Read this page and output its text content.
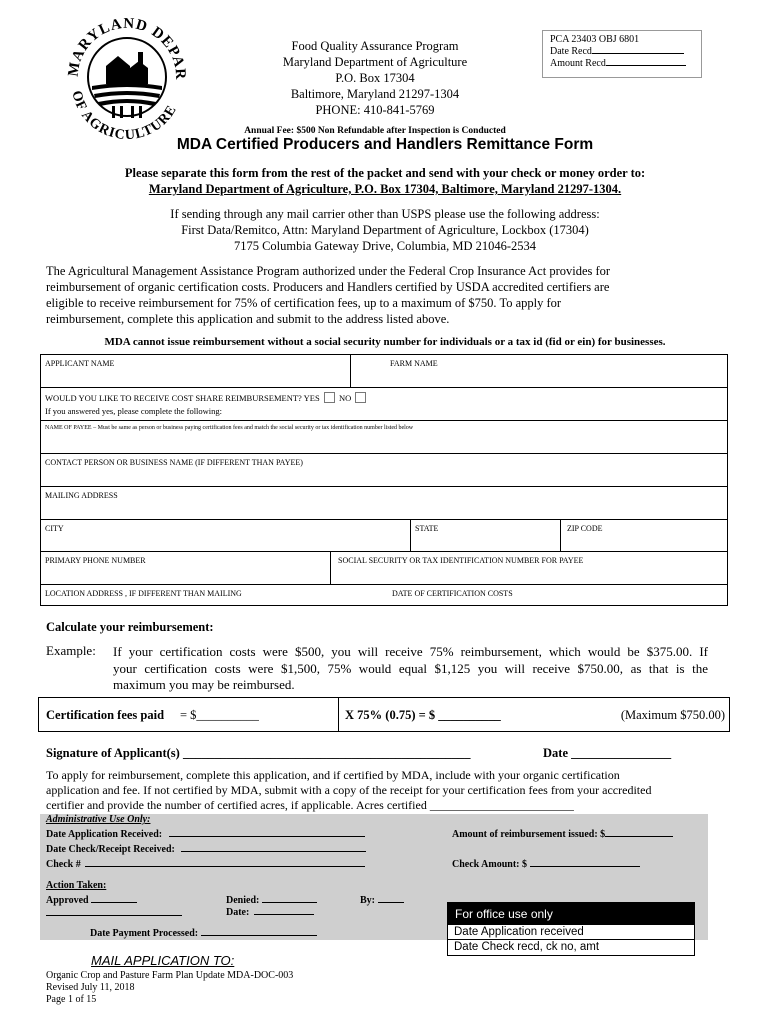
MARYLAND DEPAR
OF AGRICULTURE
Food Quality Assurance Program
Maryland Department of Agriculture
P.O. Box 17304
Baltimore, Maryland 21297-1304
PHONE: 410-841-5769
PCA 23403 OBJ 6801
Date Recd
Amount Recd
Annual Fee: $500 Non Refundable after Inspection is Conducted
MDA Certified Producers and Handlers Remittance Form
Please separate this form from the rest of the packet and send with your check or money order to:
Maryland Department of Agriculture, P.O. Box 17304, Baltimore, Maryland 21297-1304.
If sending through any mail carrier other than USPS please use the following address:
First Data/Remitco, Attn: Maryland Department of Agriculture, Lockbox (17304)
7175 Columbia Gateway Drive, Columbia, MD 21046-2534
The Agricultural Management Assistance Program authorized under the Federal Crop Insurance Act provides for
reimbursement of organic certification costs. Producers and Handlers certified by USDA accredited certifiers are
eligible to receive reimbursement for 75% of certification fees, up to a maximum of $750. To apply for
reimbursement, complete this application and submit to the address listed above.
MDA cannot issue reimbursement without a social security number for individuals or a tax id (fid or ein) for businesses.
APPLICANT NAME	FARM NAME
WOULD YOU LIKE TO RECEIVE COST SHARE REIMBURSEMENT? YES NO
If you answered yes, please complete the following:
NAME OF PAYEE – Must be same as person or business paying certification fees and match the social security or tax identification number listed below
CONTACT PERSON OR BUSINESS NAME (IF DIFFERENT THAN PAYEE)
MAILING ADDRESS
CITY	STATE	ZIP CODE
PRIMARY PHONE NUMBER	SOCIAL SECURITY OR TAX IDENTIFICATION NUMBER FOR PAYEE
LOCATION ADDRESS , IF DIFFERENT THAN MAILING	DATE OF CERTIFICATION COSTS
Calculate your reimbursement:
Example: If your certification costs were $500, you will receive 75% reimbursement, which would be $375.00. If
your certification costs were $1,500, 75% would equal $1,125 you will receive $750.00, as that is the
maximum you may be reimbursed.
Certification fees paid = $__________	X 75% (0.75) = $ __________	(Maximum $750.00)
Signature of Applicant(s) ______________________________________________	Date ________________
To apply for reimbursement, complete this application, and if certified by MDA, include with your organic certification
application and fee. If not certified by MDA, submit with a copy of the receipt for your certification fees from your accredited
certifier and provide the number of certified acres, if applicable. Acres certified ________________________
Administrative Use Only:
Date Application Received:
Date Check/Receipt Received:
Check #
Amount of reimbursement issued: $
Check Amount: $
Action Taken:
Approved	Denied:
Date:
By:
Date Payment Processed:
For office use only
Date Application received
Date Check recd, ck no, amt
MAIL APPLICATION TO:
Organic Crop and Pasture Farm Plan Update MDA-DOC-003
Revised July 11, 2018
Page 1 of 15
